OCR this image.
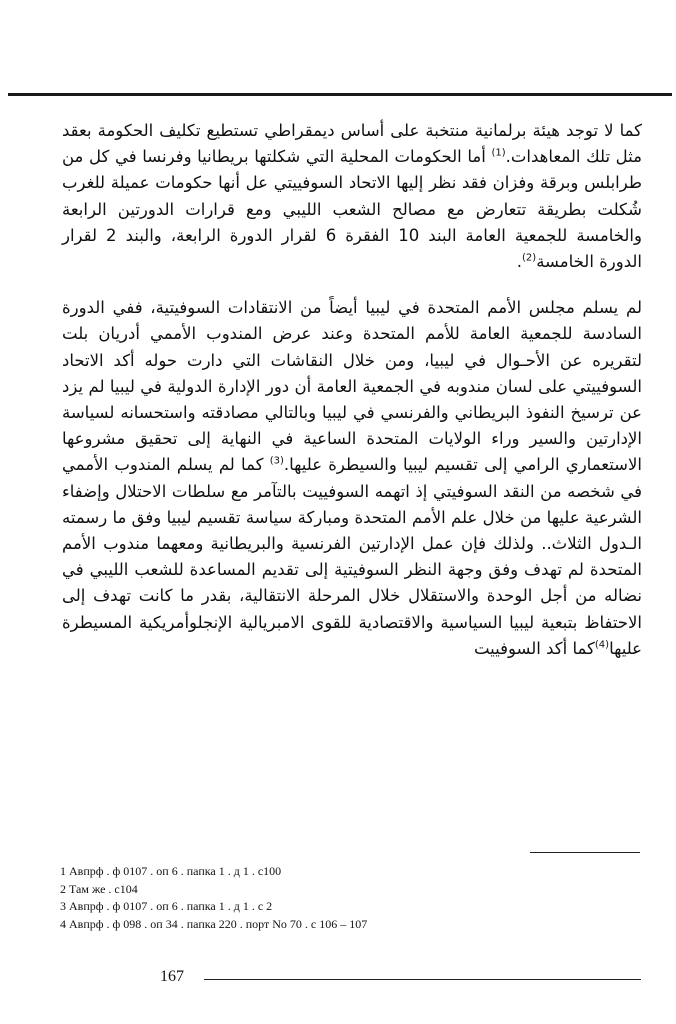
كما لا توجد هيئة برلمانية منتخبة على أساس ديمقراطي تستطيع تكليف الحكومة بعقد مثل تلك المعاهدات.$^{(1)}$ أما الحكومات المحلية التي شكلتها بريطانيا وفرنسا في كل من طرابلس وبرقة وفزان فقد نظر إليها الاتحاد السوفييتي عل أنها حكومات عميلة للغرب شُكلت بطريقة تتعارض مع مصالح الشعب الليبي ومع قرارات الدورتين الرابعة والخامسة للجمعية العامة البند 10 الفقرة 6 لقرار الدورة الرابعة، والبند 2 لقرار الدورة الخامسة$^{(2)}$.

لم يسلم مجلس الأمم المتحدة في ليبيا أيضاً من الانتقادات السوفيتية، ففي الدورة السادسة للجمعية العامة للأمم المتحدة وعند عرض المندوب الأممي أدريان بلت لتقريره عن الأحـوال في ليبيا، ومن خلال النقاشات التي دارت حوله أكد الاتحاد السوفييتي على لسان مندوبه في الجمعية العامة أن دور الإدارة الدولية في ليبيا لم يزد عن ترسيخ النفوذ البريطاني والفرنسي في ليبيا وبالتالي مصادقته واستحسانه لسياسة الإدارتين والسير وراء الولايات المتحدة الساعية في النهاية إلى تحقيق مشروعها الاستعماري الرامي إلى تقسيم ليبيا والسيطرة عليها.$^{(3)}$ كما لم يسلم المندوب الأممي في شخصه من النقد السوفيتي إذ اتهمه السوفييت بالتآمر مع سلطات الاحتلال وإضفاء الشرعية عليها من خلال علم الأمم المتحدة ومباركة سياسة تقسيم ليبيا وفق ما رسمته الـدول الثلاث.. ولذلك فإن عمل الإدارتين الفرنسية والبريطانية ومعهما مندوب الأمم المتحدة لم تهدف وفق وجهة النظر السوفيتية إلى تقديم المساعدة للشعب الليبي في نضاله من أجل الوحدة والاستقلال خلال المرحلة الانتقالية، بقدر ما كانت تهدف إلى الاحتفاظ بتبعية ليبيا السياسية والاقتصادية للقوى الامبريالية الإنجلوأمريكية المسيطرة عليها$^{(4)}$كما أكد السوفييت

1 Авпрф . ф 0107 . оп 6 . папка 1 . д 1 . с100
2 Там же . с104
3 Авпрф . ф 0107 . оп 6 . папка 1 . д 1 . с 2
4 Авпрф . ф 098 . оп 34 . папка 220 . порт No 70 . с 106 – 107
167
